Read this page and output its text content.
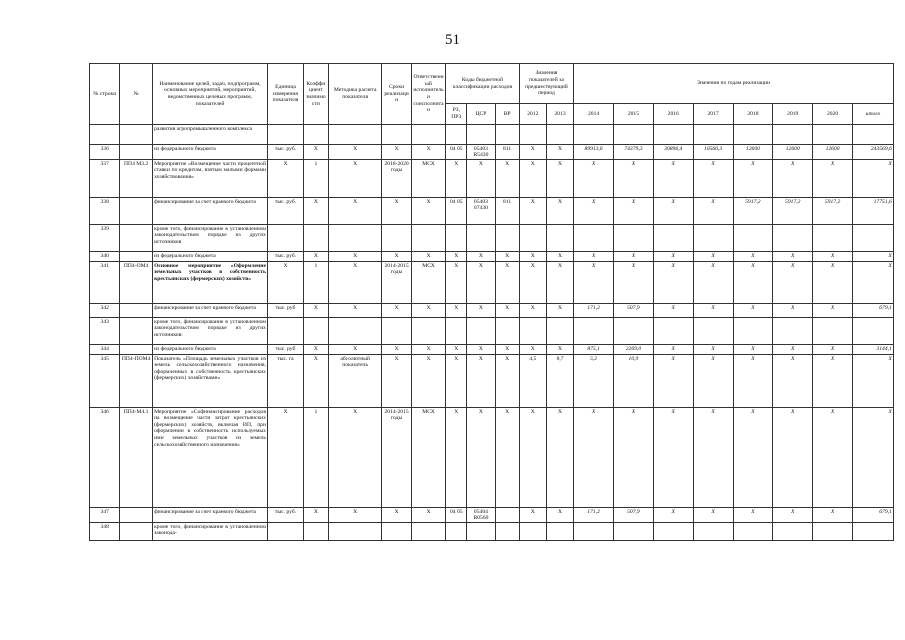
51
№ строки	№	Наименование целей, задач, подпрограмм, основных мероприятий, мероприятий, ведомственных целевых программ, показателей	Единица измерения показателя	Коэффициент значимости	Методика расчета показателя	Сроки реализации	Ответственный исполнитель и соисполнитан	Коды бюджетной классификации расходов			Значения показателей за предшествующий период		Значения по годам реализации							
								РЗ, ПРЗ	ЦСР	ВР	2012	2013	2014	2015	2016	2017	2018	2019	2020	итого
		развития агропромышленного комплекса																		
336		из федерального бюджета	тыс. руб.	X	X	X	X	04 05	05403 R5430	811	X	X	89913,6	74379,3	30896,4	10560,3	12600	12600	12600	243569,6
337	ПП4 М3.2	Мероприятие «Возмещение части процентной ставки по кредитам, взятым малыми формами хозяйствования»	X	1	X	2018-2020 годы	МСХ	X	X	X	X	X	X	X	X	X	X	X	X	X
338		финансирование за счет краевого бюджета	тыс. руб.	X	X	X	X	04 05	05403 07430	811	X	X	X	X	X	X	5917,2	5917,2	5917,2	17751,6
339		кроме того, финансирование в установленном законодательством порядке из других источников																		
340		из федерального бюджета	тыс. руб.	X	X	X	X	X	X	X	X	X	X	X	X	X	X	X	X	X
341	ПП4-ОМ4	Основное мероприятие «Оформление земельных участков в собственность крестьянских (фермерских) хозяйств»	X	1	X	2014-2015 годы	МСХ	X	X	X	X	X	X	X	X	X	X	X	X	X
342		финансирование за счет краевого бюджета	тыс. руб	X	X	X	X	X	X	X	X	X	171,2	507,9	X	X	X	X	X	679,1
343		кроме того, финансирование в установленном законодательством порядке из других источников:																		
344		из федерального бюджета	тыс. руб	X	X	X	X	X	X	X	X	X	875,1	2269,0	X	X	X	X	X	3144,1
345	ПП4-ПОМ4	Показатель «Площадь земельных участков из земель сельскохозяйственного назначения, оформленных в собственность крестьянских (фермерских) хозяйствами»	тыс. га	X	абсолютный показатель	X	X	X	X	X	4,5	8,7	5,2	10,9	X	X	X	X	X	X
346	ПП4-М4.1	Мероприятие «Софинансирование расходов на возмещение части затрат крестьянских (фермерских) хозяйств, включая ИП, при оформлении в собственность используемых ими земельных участков из земель сельскохозяйственного назначения»	X	1	X	2014-2015 годы	МСХ	X	X	X	X	X	X	X	X	X	X	X	X	X
347		финансирование за счет краевого бюджета	тыс. руб.	X	X	X	X	04 05	05404 R0560		X	X	171,2	507,9	X	X	X	X	X	679,1
348		кроме того, финансирование в установленном законода-																		
